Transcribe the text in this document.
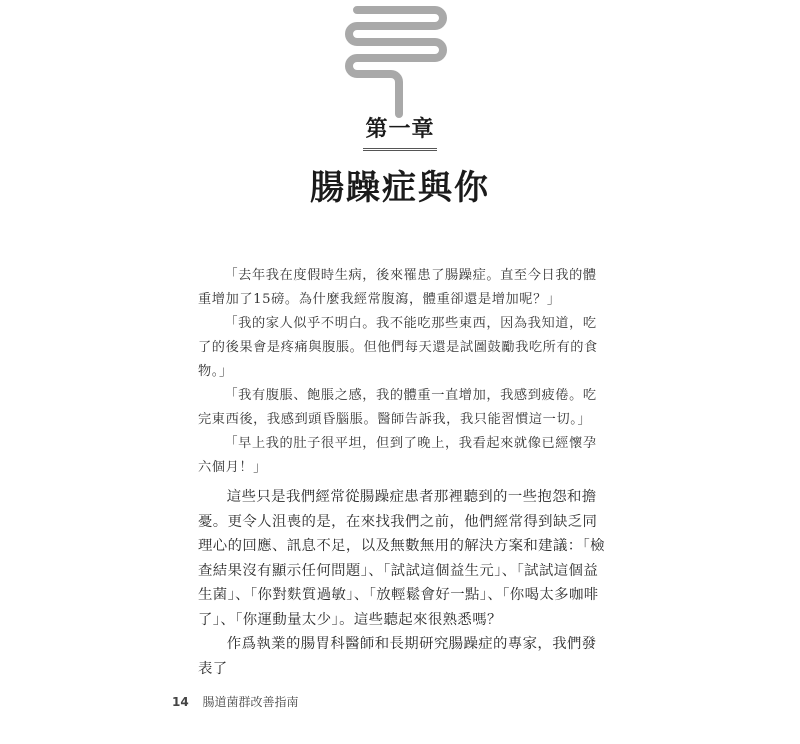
第一章
腸躁症與你

「去年我在度假時生病，後來罹患了腸躁症。直至今日我的體重增加了15磅。為什麼我經常腹瀉，體重卻還是增加呢？」

「我的家人似乎不明白。我不能吃那些東西，因為我知道，吃了的後果會是疼痛與腹脹。但他們每天還是試圖鼓勵我吃所有的食物。」

「我有腹脹、飽脹之感，我的體重一直增加，我感到疲倦。吃完東西後，我感到頭昏腦脹。醫師告訴我，我只能習慣這一切。」

「早上我的肚子很平坦，但到了晚上，我看起來就像已經懷孕六個月！」

這些只是我們經常從腸躁症患者那裡聽到的一些抱怨和擔憂。更令人沮喪的是，在來找我們之前，他們經常得到缺乏同理心的回應、訊息不足，以及無數無用的解決方案和建議：「檢查結果沒有顯示任何問題」、「試試這個益生元」、「試試這個益生菌」、「你對麩質過敏」、「放輕鬆會好一點」、「你喝太多咖啡了」、「你運動量太少」。這些聽起來很熟悉嗎？

作爲執業的腸胃科醫師和長期研究腸躁症的專家，我們發表了

14 腸道菌群改善指南
